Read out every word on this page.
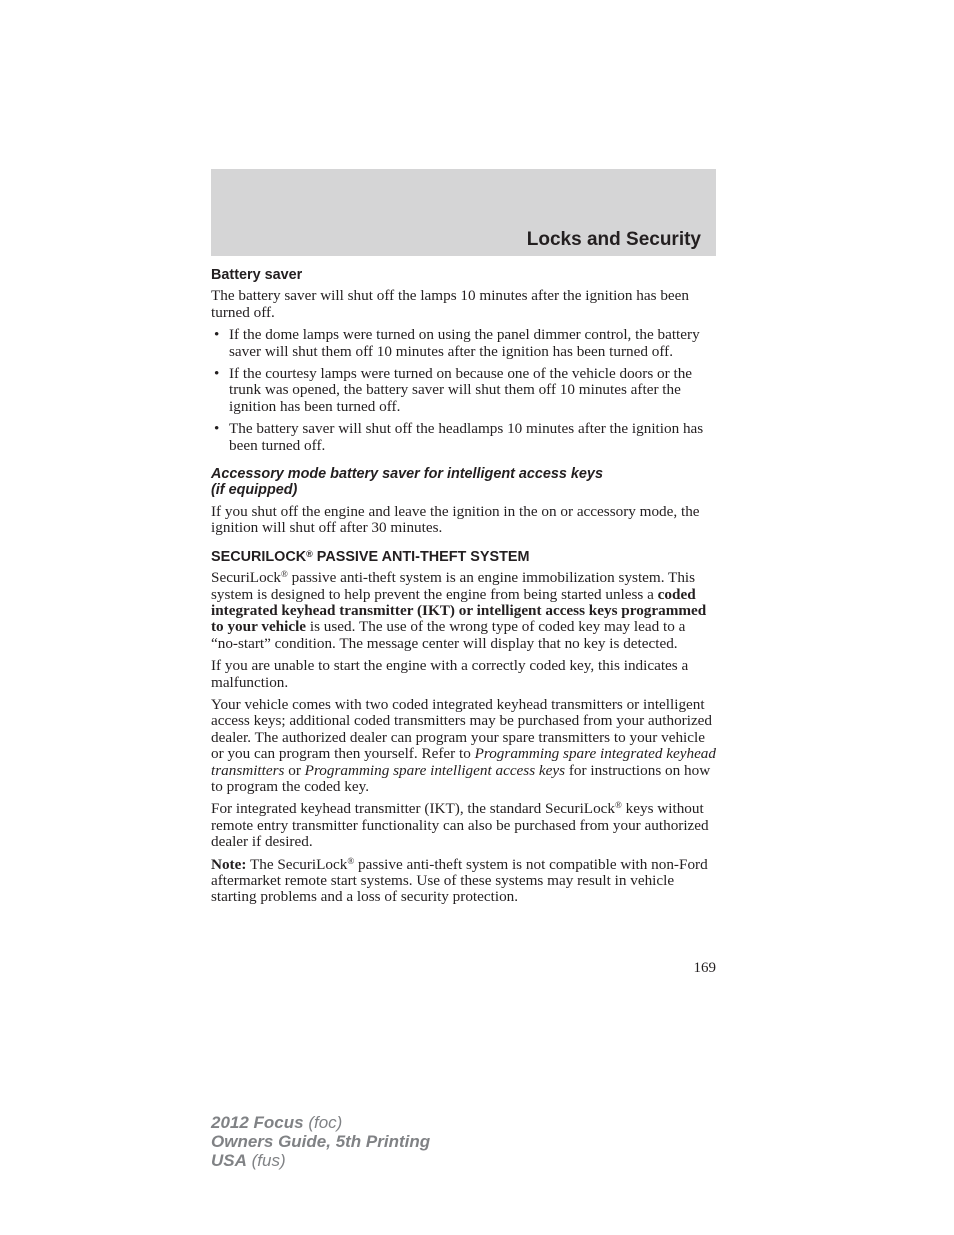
Locks and Security
Battery saver

The battery saver will shut off the lamps 10 minutes after the ignition has been turned off.

• If the dome lamps were turned on using the panel dimmer control, the battery saver will shut them off 10 minutes after the ignition has been turned off.
• If the courtesy lamps were turned on because one of the vehicle doors or the trunk was opened, the battery saver will shut them off 10 minutes after the ignition has been turned off.
• The battery saver will shut off the headlamps 10 minutes after the ignition has been turned off.
Accessory mode battery saver for intelligent access keys
(if equipped)

If you shut off the engine and leave the ignition in the on or accessory mode, the ignition will shut off after 30 minutes.

SECURILOCK® PASSIVE ANTI-THEFT SYSTEM

SecuriLock® passive anti-theft system is an engine immobilization system. This system is designed to help prevent the engine from being started unless a coded integrated keyhead transmitter (IKT) or intelligent access keys programmed to your vehicle is used. The use of the wrong type of coded key may lead to a “no-start” condition. The message center will display that no key is detected.

If you are unable to start the engine with a correctly coded key, this indicates a malfunction.

Your vehicle comes with two coded integrated keyhead transmitters or intelligent access keys; additional coded transmitters may be purchased from your authorized dealer. The authorized dealer can program your spare transmitters to your vehicle or you can program then yourself. Refer to Programming spare integrated keyhead transmitters or Programming spare intelligent access keys for instructions on how to program the coded key.

For integrated keyhead transmitter (IKT), the standard SecuriLock® keys without remote entry transmitter functionality can also be purchased from your authorized dealer if desired.

Note: The SecuriLock® passive anti-theft system is not compatible with non-Ford aftermarket remote start systems. Use of these systems may result in vehicle starting problems and a loss of security protection.

169
2012 Focus (foc)
Owners Guide, 5th Printing
USA (fus)
